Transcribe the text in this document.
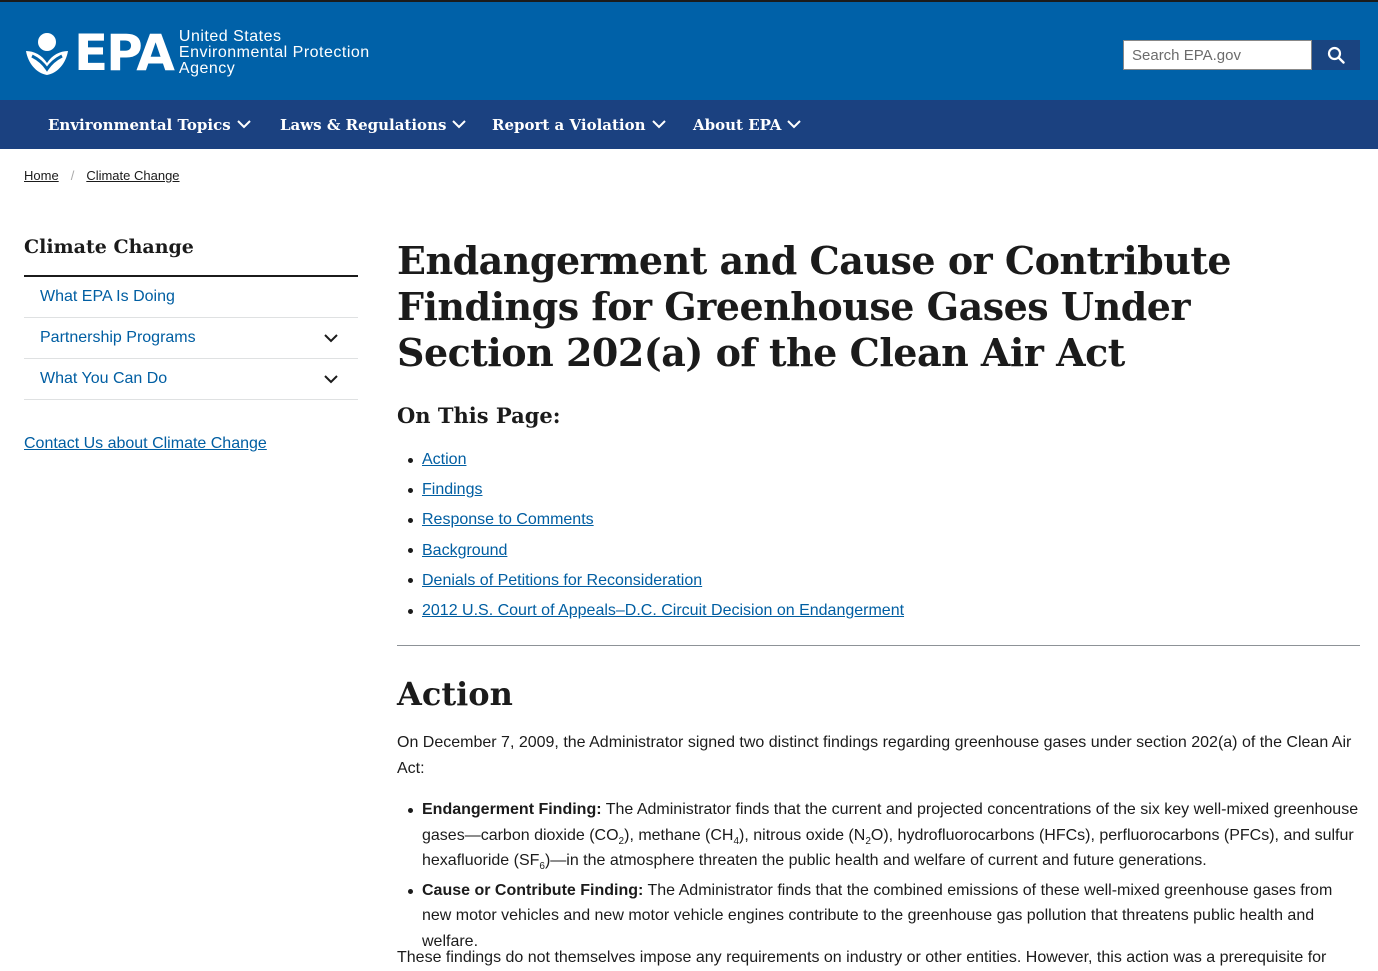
EPA United States
Environmental Protection
Agency
Search EPA.gov
Environmental Topics	Laws & Regulations	Report a Violation	About EPA
Home / Climate Change
Climate Change
What EPA Is Doing
Partnership Programs
What You Can Do
Contact Us about Climate Change
Endangerment and Cause or Contribute Findings for Greenhouse Gases Under Section 202(a) of the Clean Air Act
On This Page:
Action
Findings
Response to Comments
Background
Denials of Petitions for Reconsideration
2012 U.S. Court of Appeals–D.C. Circuit Decision on Endangerment
Action

On December 7, 2009, the Administrator signed two distinct findings regarding greenhouse gases under section 202(a) of the Clean Air Act:

Endangerment Finding: The Administrator finds that the current and projected concentrations of the six key well-mixed greenhouse gases—carbon dioxide $(CO_2)$, methane $(CH_4)$, nitrous oxide $(N_2O)$, hydrofluorocarbons (HFCs), perfluorocarbons (PFCs), and sulfur hexafluoride $(SF_6)—in$ the atmosphere threaten the public health and welfare of current and future generations.
Cause or Contribute Finding: The Administrator finds that the combined emissions of these well-mixed greenhouse gases from new motor vehicles and new motor vehicle engines contribute to the greenhouse gas pollution that threatens public health and welfare.

These findings do not themselves impose any requirements on industry or other entities. However, this action was a prerequisite for
